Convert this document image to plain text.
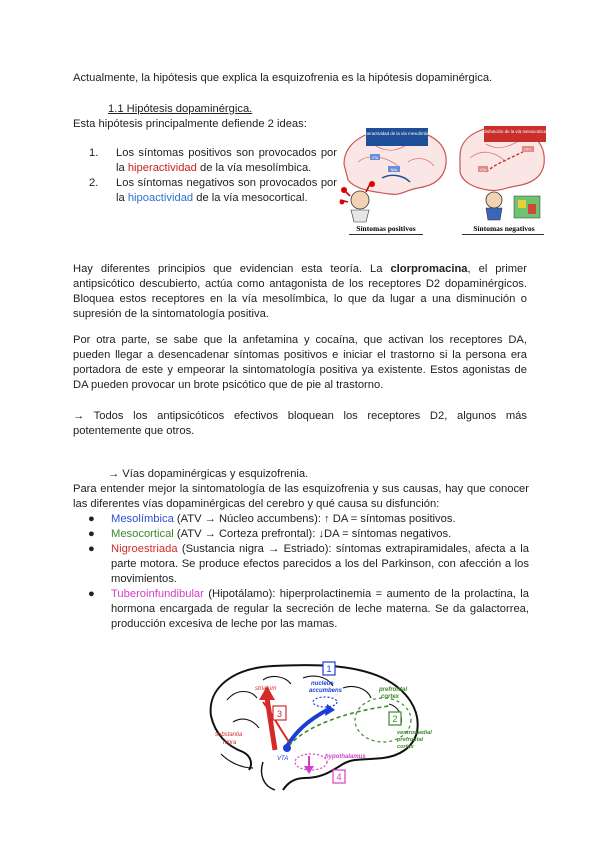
Actualmente, la hipótesis que explica la esquizofrenia es la hipótesis dopaminérgica.
1.1 Hipótesis dopaminérgica.
Esta hipótesis principalmente defiende 2 ideas:
1. Los síntomas positivos son provocados por la hiperactividad de la vía mesolímbica.
2. Los síntomas negativos son provocados por la hipoactividad de la vía mesocortical.
Hiperactividad de la vía mesolímbica
VTA
NAc
Disfunción de la vía mesocortical
VTA
PFC
Síntomas positivos	Síntomas negativos
Hay diferentes principios que evidencian esta teoría. La clorpromacina, el primer antipsicótico descubierto, actúa como antagonista de los receptores D2 dopaminérgicos. Bloquea estos receptores en la vía mesolímbica, lo que da lugar a una disminución o supresión de la sintomatología positiva.
Por otra parte, se sabe que la anfetamina y cocaína, que activan los receptores DA, pueden llegar a desencadenar síntomas positivos e iniciar el trastorno si la persona era portadora de este y empeorar la sintomatología positiva ya existente. Estos agonistas de DA pueden provocar un brote psicótico que de pie al trastorno.
→ Todos los antipsicóticos efectivos bloquean los receptores D2, algunos más potentemente que otros.
→ Vías dopaminérgicas y esquizofrenia.
Para entender mejor la sintomatología de las esquizofrenia y sus causas, hay que conocer las diferentes vías dopaminérgicas del cerebro y qué causa su disfunción:
● Mesolímbica (ATV → Núcleo accumbens): ↑ DA = síntomas positivos.
● Mesocortical (ATV → Corteza prefrontal): ↓DA = síntomas negativos.
● Nigroestriada (Sustancia nigra → Estriado): síntomas extrapiramidales, afecta a la parte motora. Se produce efectos parecidos a los del Parkinson, con afección a los movimientos.
● Tuberoinfundibular (Hipotálamo): hiperprolactinemia = aumento de la prolactina, la hormona encargada de regular la secreción de leche materna. Se da galactorrea, producción excesiva de leche por las mamas.
striatum
nucleus
accumbens	prefrontal
cortex
ventromedial
prefrontal
cortex
substantia
nigra
VTA	hypothalamus
1
2
3
4
